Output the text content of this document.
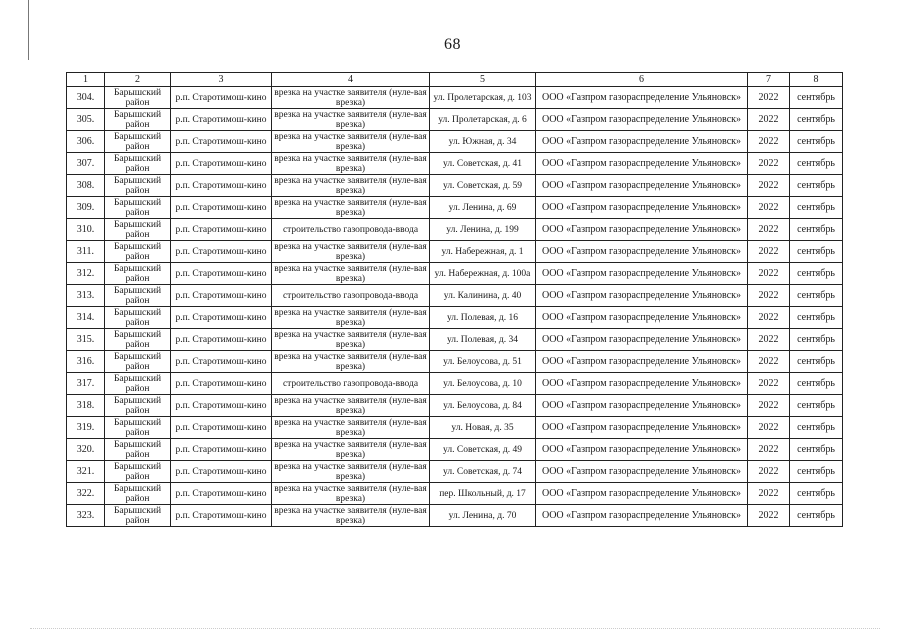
68
1	2	3	4	5	6	7	8
304.	Барышский район	р.п. Старотимош-кино	врезка на участке заявителя (нуле-вая врезка)	ул. Пролетарская, д. 103	ООО «Газпром газораспределение Ульяновск»	2022	сентябрь
305.	Барышский район	р.п. Старотимош-кино	врезка на участке заявителя (нуле-вая врезка)	ул. Пролетарская, д. 6	ООО «Газпром газораспределение Ульяновск»	2022	сентябрь
306.	Барышский район	р.п. Старотимош-кино	врезка на участке заявителя (нуле-вая врезка)	ул. Южная, д. 34	ООО «Газпром газораспределение Ульяновск»	2022	сентябрь
307.	Барышский район	р.п. Старотимош-кино	врезка на участке заявителя (нуле-вая врезка)	ул. Советская, д. 41	ООО «Газпром газораспределение Ульяновск»	2022	сентябрь
308.	Барышский район	р.п. Старотимош-кино	врезка на участке заявителя (нуле-вая врезка)	ул. Советская, д. 59	ООО «Газпром газораспределение Ульяновск»	2022	сентябрь
309.	Барышский район	р.п. Старотимош-кино	врезка на участке заявителя (нуле-вая врезка)	ул. Ленина, д. 69	ООО «Газпром газораспределение Ульяновск»	2022	сентябрь
310.	Барышский район	р.п. Старотимош-кино	строительство газопровода-ввода	ул. Ленина, д. 199	ООО «Газпром газораспределение Ульяновск»	2022	сентябрь
311.	Барышский район	р.п. Старотимош-кино	врезка на участке заявителя (нуле-вая врезка)	ул. Набережная, д. 1	ООО «Газпром газораспределение Ульяновск»	2022	сентябрь
312.	Барышский район	р.п. Старотимош-кино	врезка на участке заявителя (нуле-вая врезка)	ул. Набережная, д. 100а	ООО «Газпром газораспределение Ульяновск»	2022	сентябрь
313.	Барышский район	р.п. Старотимош-кино	строительство газопровода-ввода	ул. Калинина, д. 40	ООО «Газпром газораспределение Ульяновск»	2022	сентябрь
314.	Барышский район	р.п. Старотимош-кино	врезка на участке заявителя (нуле-вая врезка)	ул. Полевая, д. 16	ООО «Газпром газораспределение Ульяновск»	2022	сентябрь
315.	Барышский район	р.п. Старотимош-кино	врезка на участке заявителя (нуле-вая врезка)	ул. Полевая, д. 34	ООО «Газпром газораспределение Ульяновск»	2022	сентябрь
316.	Барышский район	р.п. Старотимош-кино	врезка на участке заявителя (нуле-вая врезка)	ул. Белоусова, д. 51	ООО «Газпром газораспределение Ульяновск»	2022	сентябрь
317.	Барышский район	р.п. Старотимош-кино	строительство газопровода-ввода	ул. Белоусова, д. 10	ООО «Газпром газораспределение Ульяновск»	2022	сентябрь
318.	Барышский район	р.п. Старотимош-кино	врезка на участке заявителя (нуле-вая врезка)	ул. Белоусова, д. 84	ООО «Газпром газораспределение Ульяновск»	2022	сентябрь
319.	Барышский район	р.п. Старотимош-кино	врезка на участке заявителя (нуле-вая врезка)	ул. Новая, д. 35	ООО «Газпром газораспределение Ульяновск»	2022	сентябрь
320.	Барышский район	р.п. Старотимош-кино	врезка на участке заявителя (нуле-вая врезка)	ул. Советская, д. 49	ООО «Газпром газораспределение Ульяновск»	2022	сентябрь
321.	Барышский район	р.п. Старотимош-кино	врезка на участке заявителя (нуле-вая врезка)	ул. Советская, д. 74	ООО «Газпром газораспределение Ульяновск»	2022	сентябрь
322.	Барышский район	р.п. Старотимош-кино	врезка на участке заявителя (нуле-вая врезка)	пер. Школьный, д. 17	ООО «Газпром газораспределение Ульяновск»	2022	сентябрь
323.	Барышский район	р.п. Старотимош-кино	врезка на участке заявителя (нуле-вая врезка)	ул. Ленина, д. 70	ООО «Газпром газораспределение Ульяновск»	2022	сентябрь
